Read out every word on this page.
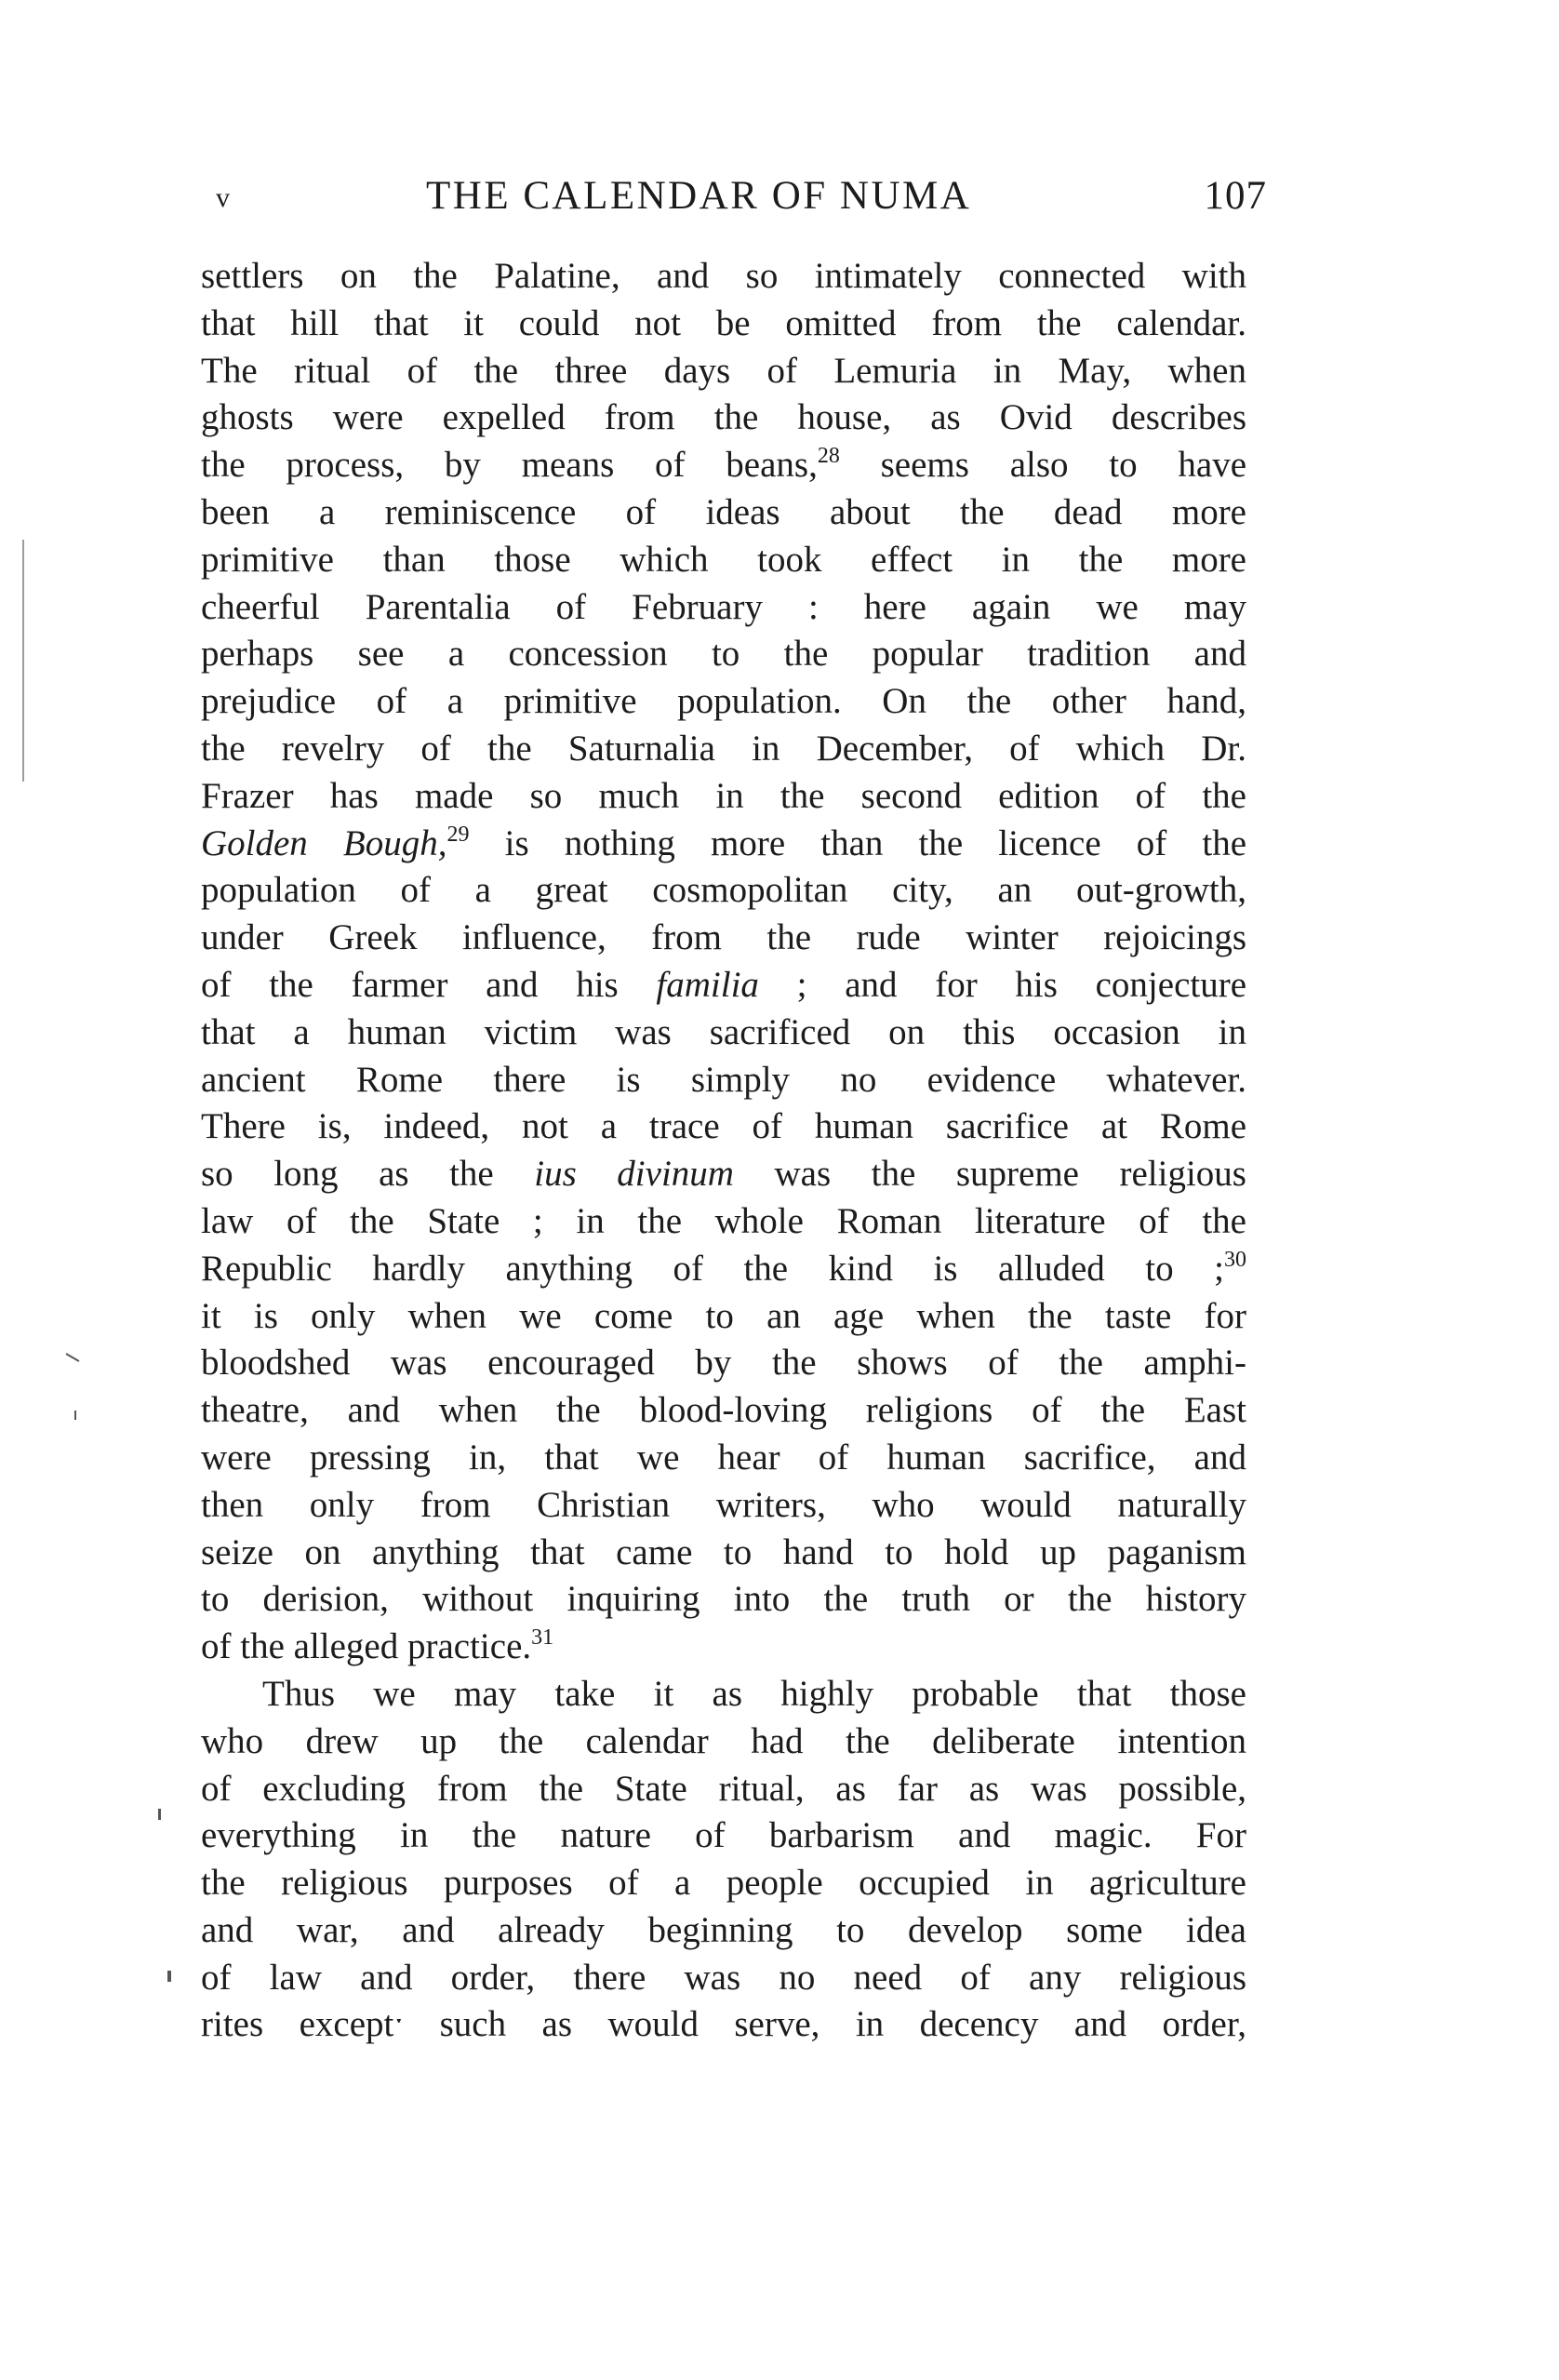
v	THE CALENDAR OF NUMA	107
settlers on the Palatine, and so intimately connected with
that hill that it could not be omitted from the calendar.
The ritual of the three days of Lemuria in May, when
ghosts were expelled from the house, as Ovid describes
the process, by means of beans,$^{28}$ seems also to have
been a reminiscence of ideas about the dead more
primitive than those which took effect in the more
cheerful Parentalia of February : here again we may
perhaps see a concession to the popular tradition and
prejudice of a primitive population. On the other hand,
the revelry of the Saturnalia in December, of which Dr.
Frazer has made so much in the second edition of the
Golden Bough,$^{29}$ is nothing more than the licence of the
population of a great cosmopolitan city, an out-growth,
under Greek influence, from the rude winter rejoicings
of the farmer and his familia ; and for his conjecture
that a human victim was sacrificed on this occasion in
ancient Rome there is simply no evidence whatever.
There is, indeed, not a trace of human sacrifice at Rome
so long as the ius divinum was the supreme religious
law of the State ; in the whole Roman literature of the
Republic hardly anything of the kind is alluded to ;$^{30}$
it is only when we come to an age when the taste for
bloodshed was encouraged by the shows of the amphi-
theatre, and when the blood-loving religions of the East
were pressing in, that we hear of human sacrifice, and
then only from Christian writers, who would naturally
seize on anything that came to hand to hold up paganism
to derision, without inquiring into the truth or the history
of the alleged practice.$^{31}$
Thus we may take it as highly probable that those
who drew up the calendar had the deliberate intention
of excluding from the State ritual, as far as was possible,
everything in the nature of barbarism and magic. For
the religious purposes of a people occupied in agriculture
and war, and already beginning to develop some idea
of law and order, there was no need of any religious
rites exceptˑ such as would serve, in decency and order,
